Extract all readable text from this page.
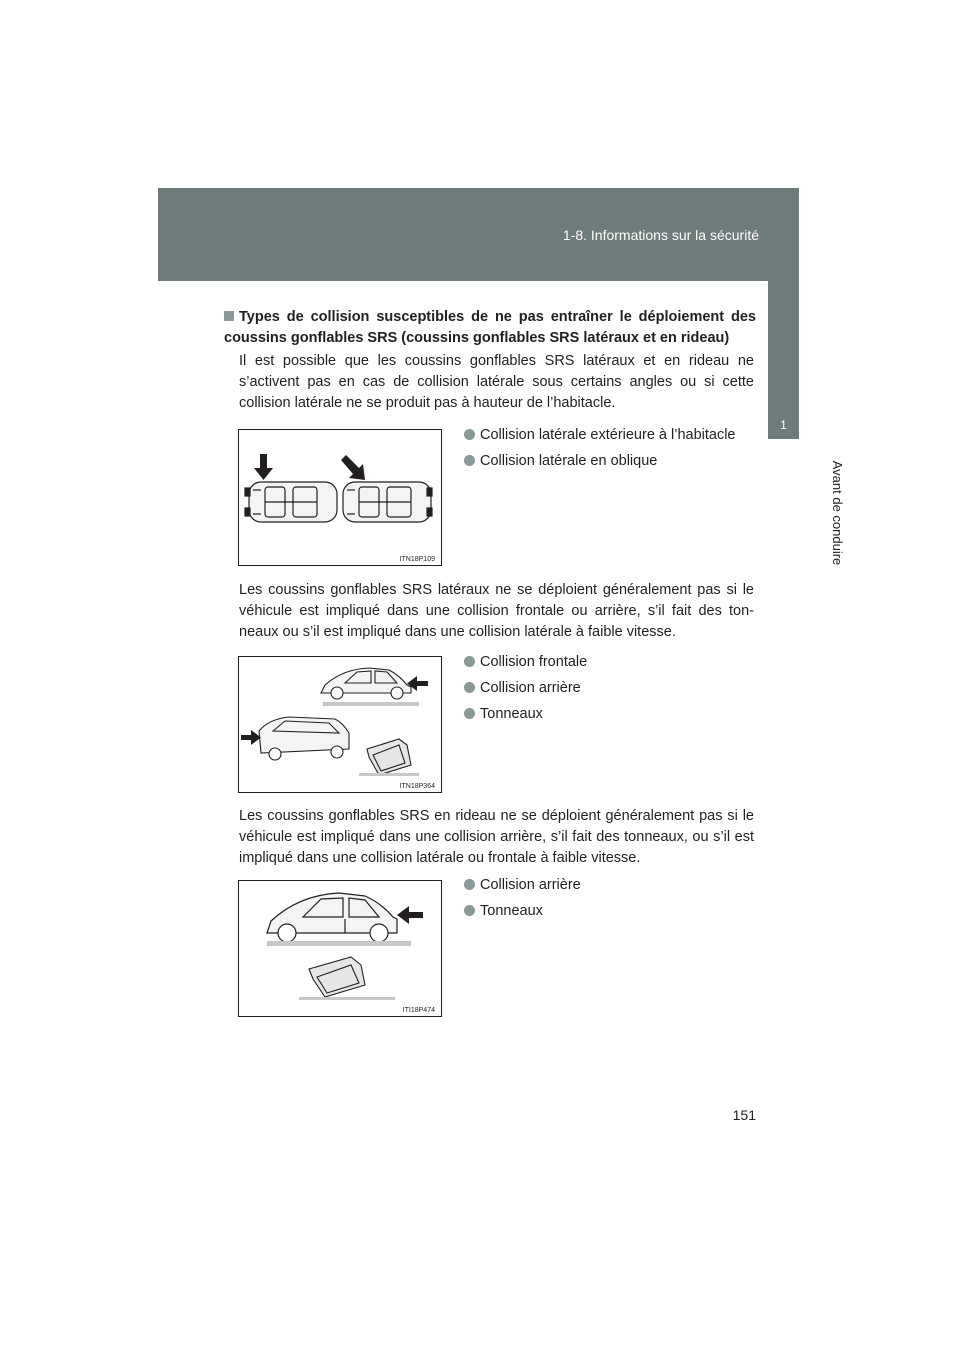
1-8. Informations sur la sécurité
1
Avant de conduire
Types de collision susceptibles de ne pas entraîner le déploiement des coussins gonflables SRS (coussins gonflables SRS latéraux et en rideau)
Il est possible que les coussins gonflables SRS latéraux et en rideau ne s’activent pas en cas de collision latérale sous certains angles ou si cette collision latérale ne se produit pas à hauteur de l’habitacle.
ITN18P109
Collision latérale extérieure à l’habitacle
Collision latérale en oblique
Les coussins gonflables SRS latéraux ne se déploient généralement pas si le véhicule est impliqué dans une collision frontale ou arrière, s’il fait des ton-neaux ou s’il est impliqué dans une collision latérale à faible vitesse.
ITN18P364
Collision frontale
Collision arrière
Tonneaux
Les coussins gonflables SRS en rideau ne se déploient généralement pas si le véhicule est impliqué dans une collision arrière, s’il fait des tonneaux, ou s’il est impliqué dans une collision latérale ou frontale à faible vitesse.
ITI18P474
Collision arrière
Tonneaux
151
